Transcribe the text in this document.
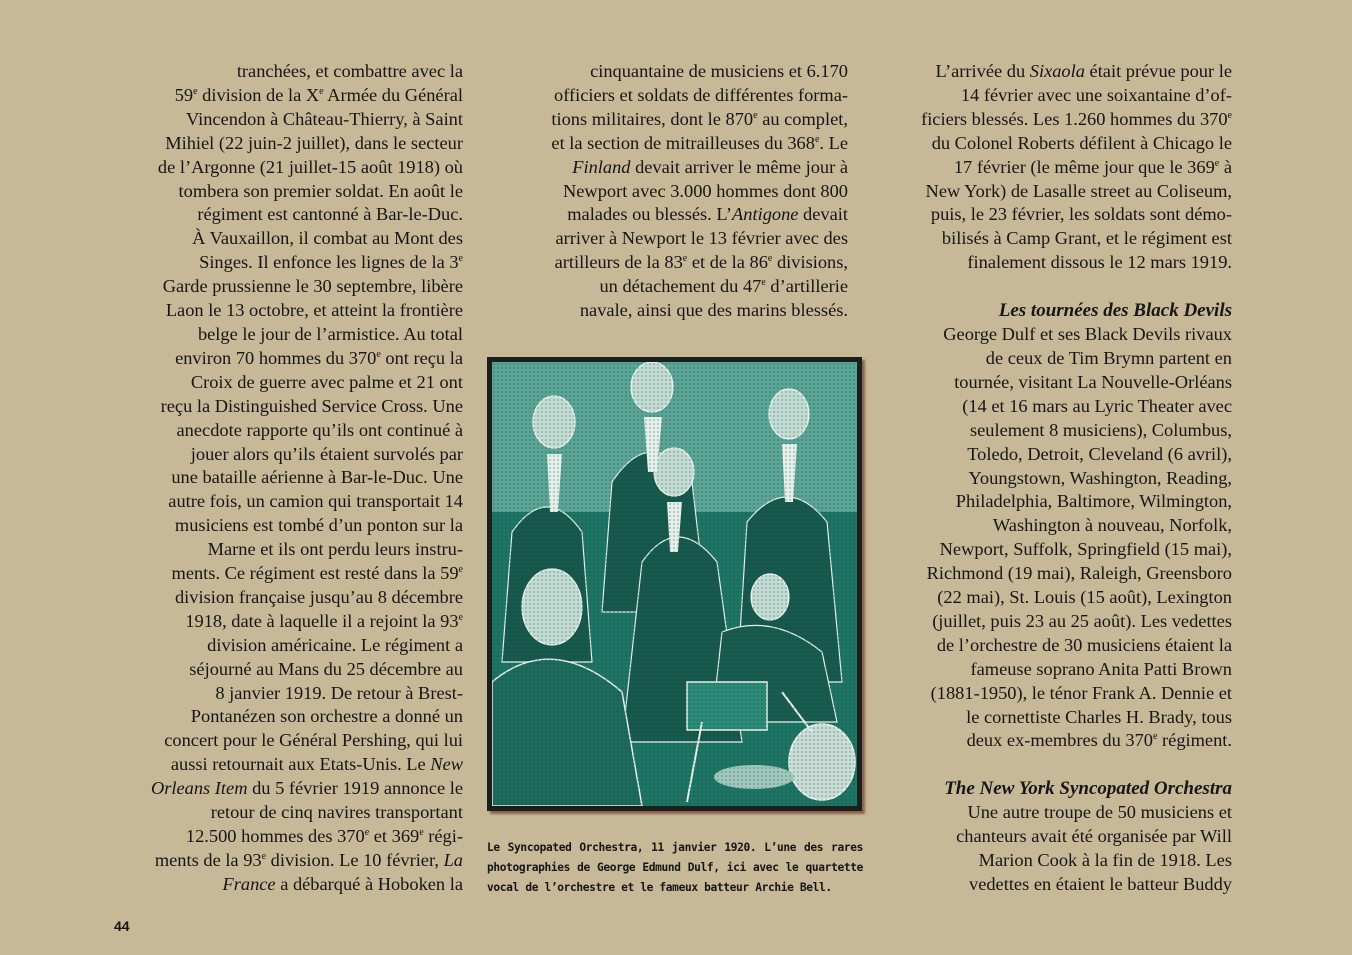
tranchées, et combattre avec la
59e division de la Xe Armée du Général
Vincendon à Château-Thierry, à Saint
Mihiel (22 juin-2 juillet), dans le secteur
de l’Argonne (21 juillet-15 août 1918) où
tombera son premier soldat. En août le
régiment est cantonné à Bar-le-Duc.
À Vauxaillon, il combat au Mont des
Singes. Il enfonce les lignes de la 3e
Garde prussienne le 30 septembre, libère
Laon le 13 octobre, et atteint la frontière
belge le jour de l’armistice. Au total
environ 70 hommes du 370e ont reçu la
Croix de guerre avec palme et 21 ont
reçu la Distinguished Service Cross. Une
anecdote rapporte qu’ils ont continué à
jouer alors qu’ils étaient survolés par
une bataille aérienne à Bar-le-Duc. Une
autre fois, un camion qui transportait 14
musiciens est tombé d’un ponton sur la
Marne et ils ont perdu leurs instru-
ments. Ce régiment est resté dans la 59e
division française jusqu’au 8 décembre
1918, date à laquelle il a rejoint la 93e
division américaine. Le régiment a
séjourné au Mans du 25 décembre au
8 janvier 1919. De retour à Brest-
Pontanézen son orchestre a donné un
concert pour le Général Pershing, qui lui
aussi retournait aux Etats-Unis. Le New
Orleans Item du 5 février 1919 annonce le
retour de cinq navires transportant
12.500 hommes des 370e et 369e régi-
ments de la 93e division. Le 10 février, La
France a débarqué à Hoboken la
cinquantaine de musiciens et 6.170
officiers et soldats de différentes forma-
tions militaires, dont le 870e au complet,
et la section de mitrailleuses du 368e. Le
Finland devait arriver le même jour à
Newport avec 3.000 hommes dont 800
malades ou blessés. L’Antigone devait
arriver à Newport le 13 février avec des
artilleurs de la 83e et de la 86e divisions,
un détachement du 47e d’artillerie
navale, ainsi que des marins blessés.

L’arrivée du Sixaola était prévue pour le
14 février avec une soixantaine d’of-
ficiers blessés. Les 1.260 hommes du 370e
du Colonel Roberts défilent à Chicago le
17 février (le même jour que le 369e à
New York) de Lasalle street au Coliseum,
puis, le 23 février, les soldats sont démo-
bilisés à Camp Grant, et le régiment est
finalement dissous le 12 mars 1919.

Les tournées des Black Devils

George Dulf et ses Black Devils rivaux
de ceux de Tim Brymn partent en
tournée, visitant La Nouvelle-Orléans
(14 et 16 mars au Lyric Theater avec
seulement 8 musiciens), Columbus,
Toledo, Detroit, Cleveland (6 avril),
Youngstown, Washington, Reading,
Philadelphia, Baltimore, Wilmington,
Washington à nouveau, Norfolk,
Newport, Suffolk, Springfield (15 mai),
Richmond (19 mai), Raleigh, Greensboro
(22 mai), St. Louis (15 août), Lexington
(juillet, puis 23 au 25 août). Les vedettes
de l’orchestre de 30 musiciens étaient la
fameuse soprano Anita Patti Brown
(1881-1950), le ténor Frank A. Dennie et
le cornettiste Charles H. Brady, tous
deux ex-membres du 370e régiment.

The New York Syncopated Orchestra

Une autre troupe de 50 musiciens et
chanteurs avait été organisée par Will
Marion Cook à la fin de 1918. Les
vedettes en étaient le batteur Buddy

Le Syncopated Orchestra, 11 janvier 1920. L’une des rares photographies de George Edmund Dulf, ici avec le quartette vocal de l’orchestre et le fameux batteur Archie Bell.
44
